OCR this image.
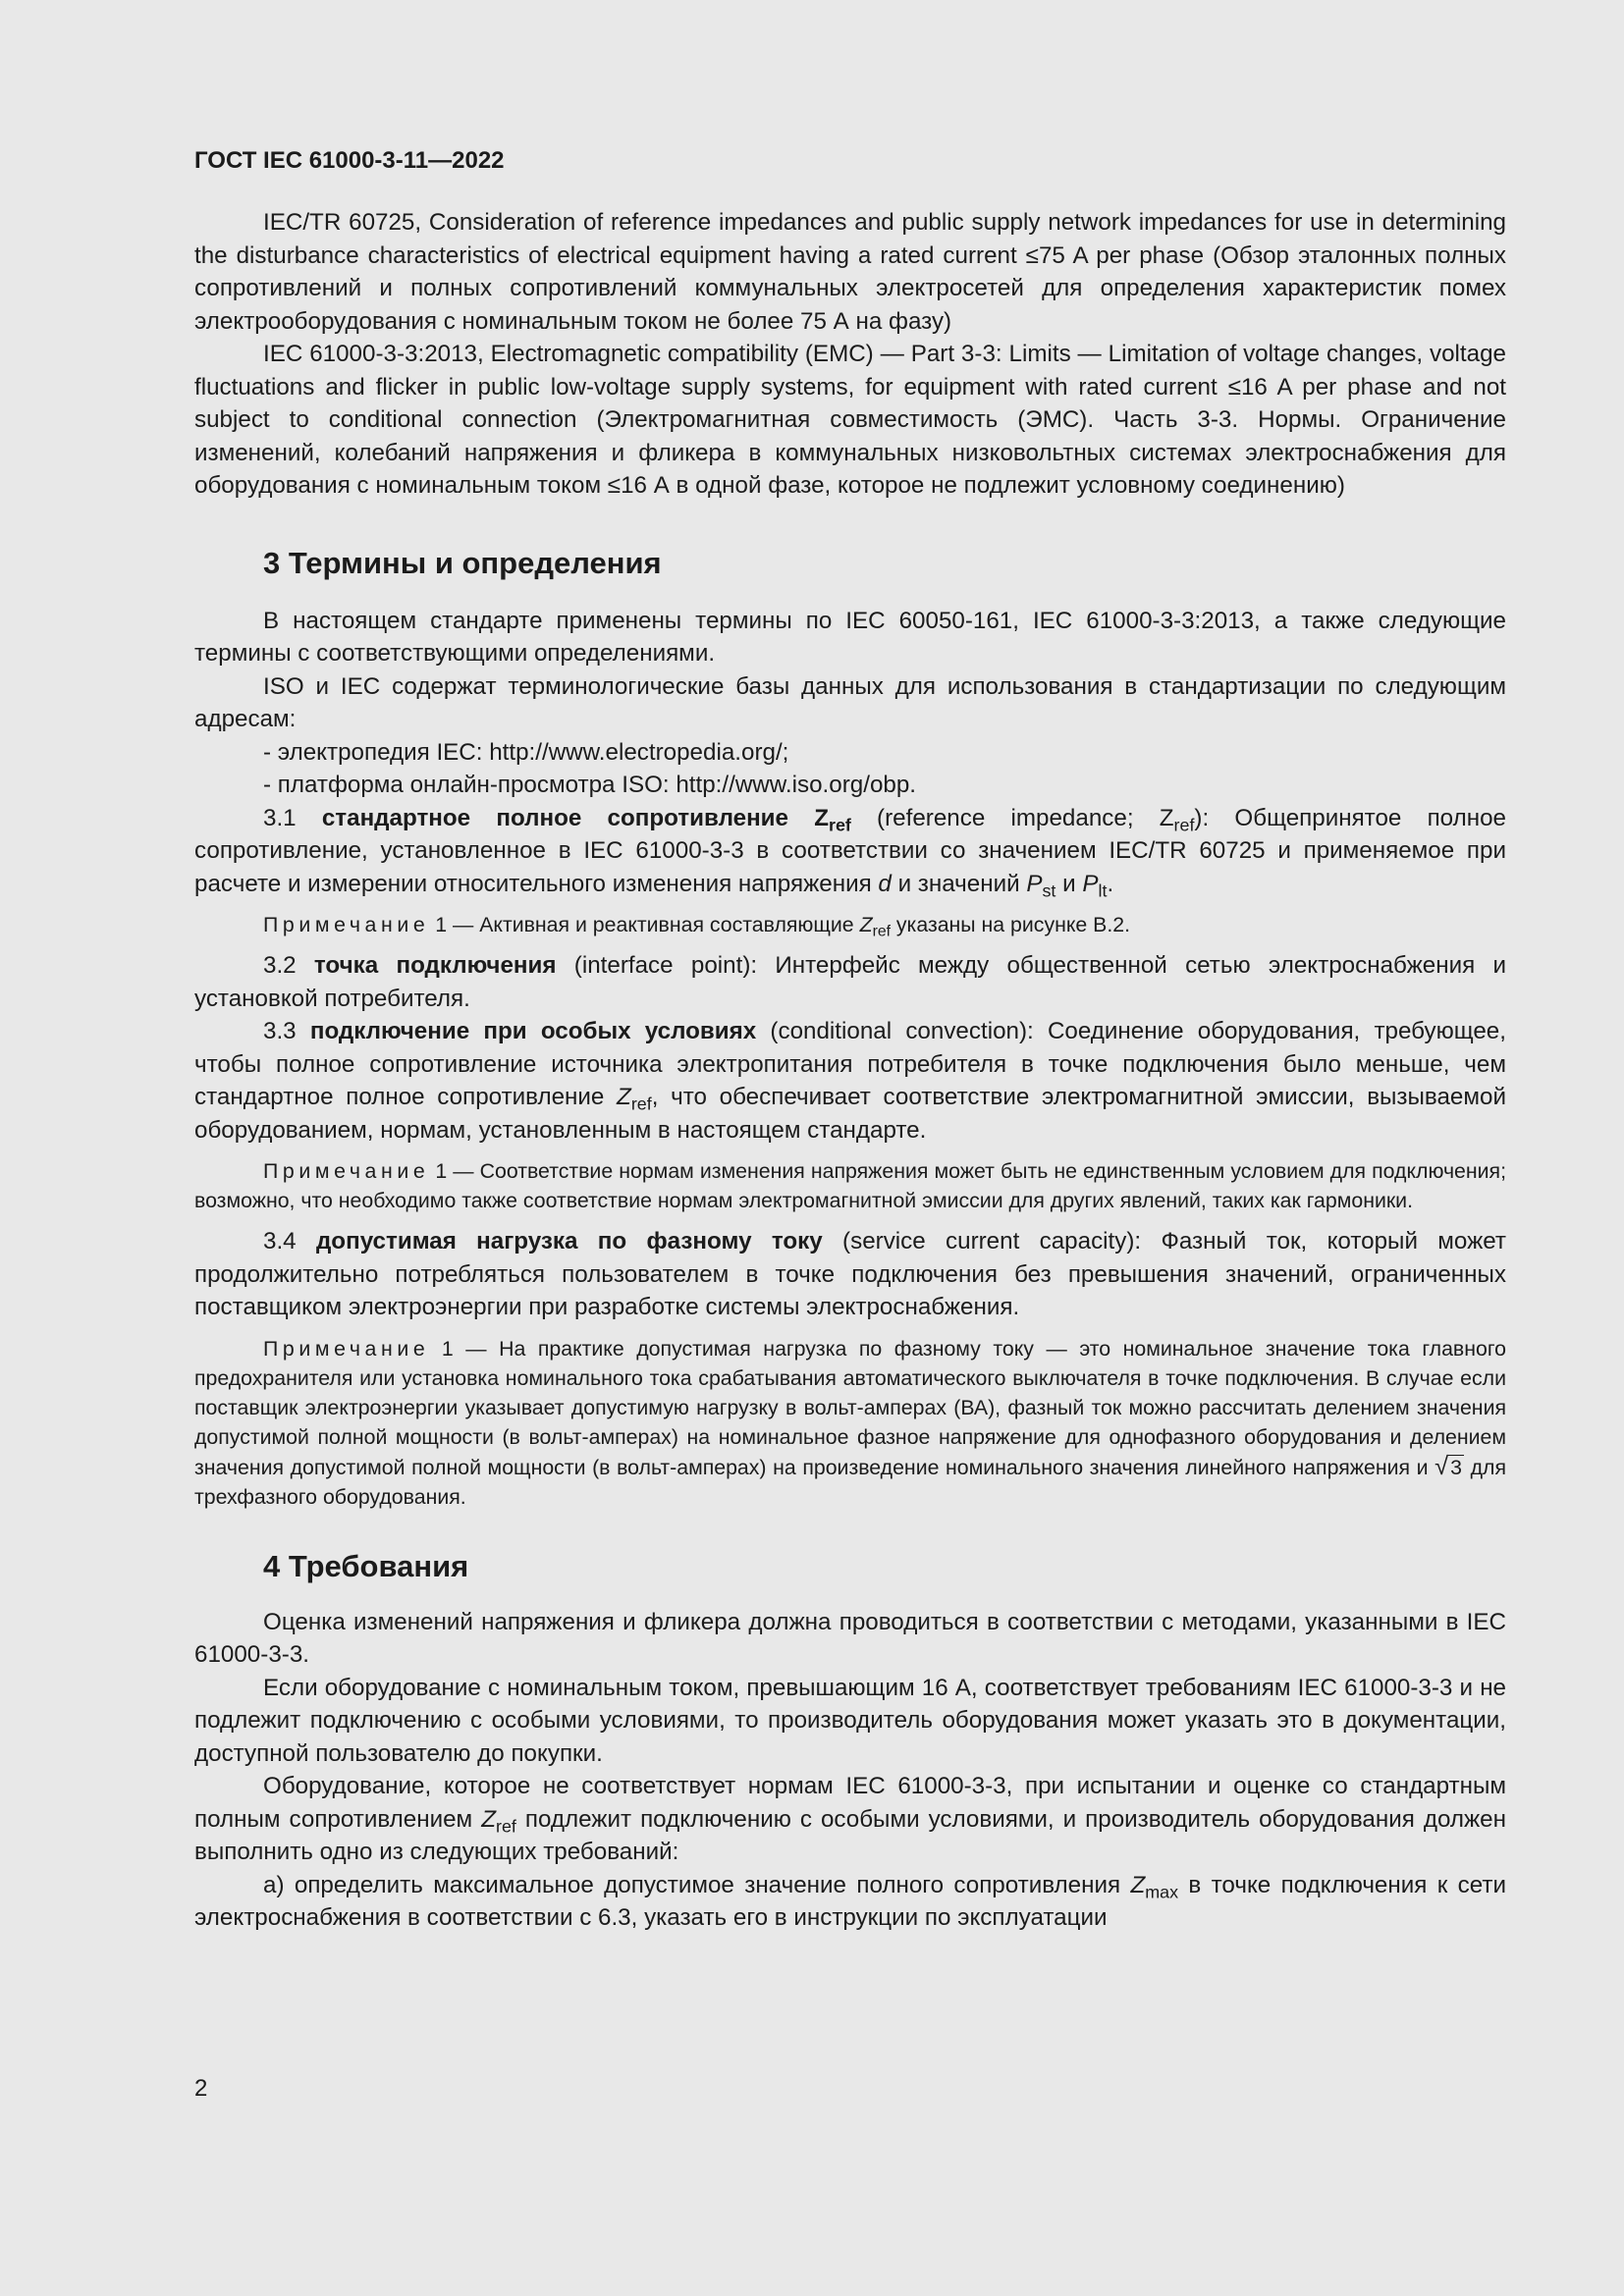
ГОСТ IEC 61000-3-11—2022

IEC/TR 60725, Consideration of reference impedances and public supply network impedances for use in determining the disturbance characteristics of electrical equipment having a rated current ≤75 A per phase (Обзор эталонных полных сопротивлений и полных сопротивлений коммунальных электросетей для определения характеристик помех электрооборудования с номинальным током не более 75 А на фазу)

IEC 61000-3-3:2013, Electromagnetic compatibility (EMC) — Part 3-3: Limits — Limitation of voltage changes, voltage fluctuations and flicker in public low-voltage supply systems, for equipment with rated current ≤16 A per phase and not subject to conditional connection (Электромагнитная совместимость (ЭМС). Часть 3-3. Нормы. Ограничение изменений, колебаний напряжения и фликера в коммунальных низковольтных системах электроснабжения для оборудования с номинальным током ≤16 А в одной фазе, которое не подлежит условному соединению)

3 Термины и определения

В настоящем стандарте применены термины по IEC 60050-161, IEC 61000-3-3:2013, а также следующие термины с соответствующими определениями.

ISO и IEC содержат терминологические базы данных для использования в стандартизации по следующим адресам:

- электропедия IEC: http://www.electropedia.org/;

- платформа онлайн-просмотра ISO: http://www.iso.org/obp.

3.1 стандартное полное сопротивление $Z_{ref}$ (reference impedance; $Z_{ref}$): Общепринятое полное сопротивление, установленное в IEC 61000-3-3 в соответствии со значением IEC/TR 60725 и применяемое при расчете и измерении относительного изменения напряжения d и значений $P_{st}$ и $P_{lt}$.

Примечание 1 — Активная и реактивная составляющие $Z_{ref}$ указаны на рисунке В.2.

3.2 точка подключения (interface point): Интерфейс между общественной сетью электроснабжения и установкой потребителя.

3.3 подключение при особых условиях (conditional convection): Соединение оборудования, требующее, чтобы полное сопротивление источника электропитания потребителя в точке подключения было меньше, чем стандартное полное сопротивление $Z_{ref}$, что обеспечивает соответствие электромагнитной эмиссии, вызываемой оборудованием, нормам, установленным в настоящем стандарте.

Примечание 1 — Соответствие нормам изменения напряжения может быть не единственным условием для подключения; возможно, что необходимо также соответствие нормам электромагнитной эмиссии для других явлений, таких как гармоники.

3.4 допустимая нагрузка по фазному току (service current capacity): Фазный ток, который может продолжительно потребляться пользователем в точке подключения без превышения значений, ограниченных поставщиком электроэнергии при разработке системы электроснабжения.

Примечание 1 — На практике допустимая нагрузка по фазному току — это номинальное значение тока главного предохранителя или установка номинального тока срабатывания автоматического выключателя в точке подключения. В случае если поставщик электроэнергии указывает допустимую нагрузку в вольт-амперах (ВА), фазный ток можно рассчитать делением значения допустимой полной мощности (в вольт-амперах) на номинальное фазное напряжение для однофазного оборудования и делением значения допустимой полной мощности (в вольт-амперах) на произведение номинального значения линейного напряжения и √3 для трехфазного оборудования.
4 Требования

Оценка изменений напряжения и фликера должна проводиться в соответствии с методами, указанными в IEC 61000-3-3.

Если оборудование с номинальным током, превышающим 16 А, соответствует требованиям IEC 61000-3-3 и не подлежит подключению с особыми условиями, то производитель оборудования может указать это в документации, доступной пользователю до покупки.

Оборудование, которое не соответствует нормам IEC 61000-3-3, при испытании и оценке со стандартным полным сопротивлением $Z_{ref}$ подлежит подключению с особыми условиями, и производитель оборудования должен выполнить одно из следующих требований:

а) определить максимальное допустимое значение полного сопротивления $Z_{max}$ в точке подключения к сети электроснабжения в соответствии с 6.3, указать его в инструкции по эксплуатации

2
